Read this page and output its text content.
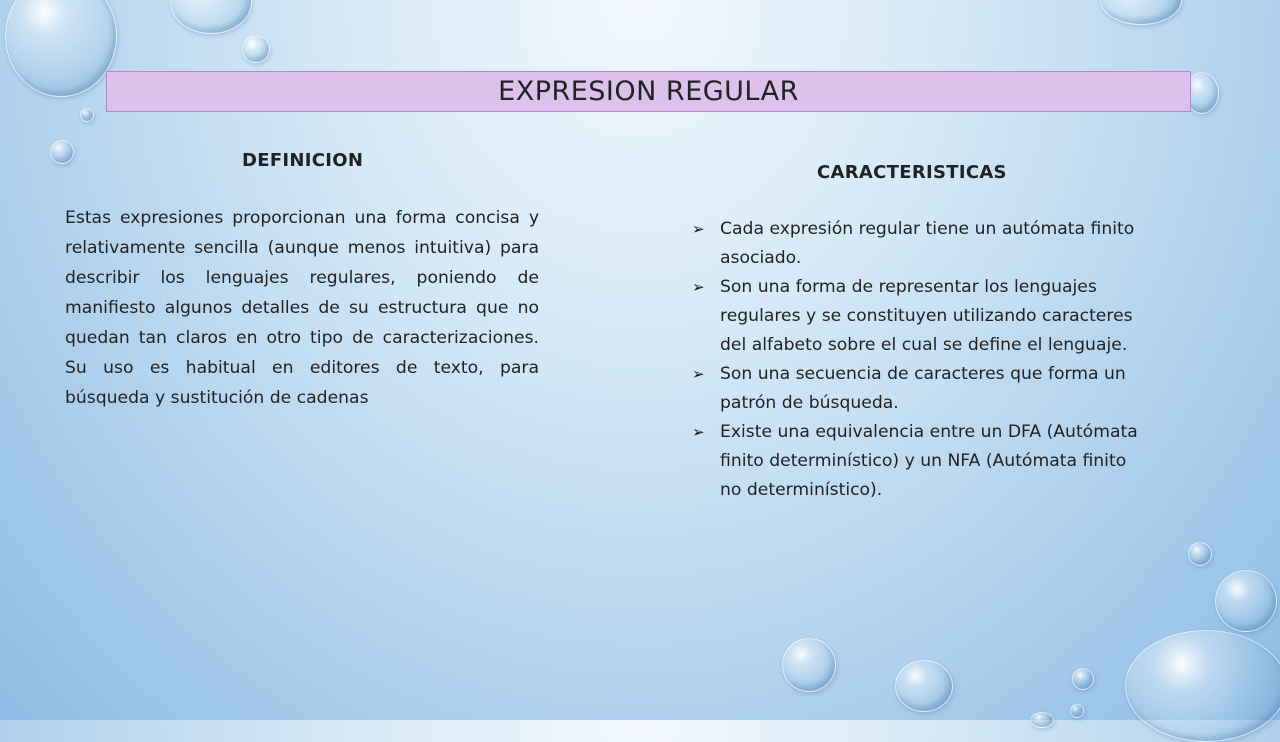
EXPRESION REGULAR
DEFINICION

Estas expresiones proporcionan una forma concisa y relativamente sencilla (aunque menos intuitiva) para describir los lenguajes regulares, poniendo de manifiesto algunos detalles de su estructura que no quedan tan claros en otro tipo de caracterizaciones. Su uso es habitual en editores de texto, para búsqueda y sustitución de cadenas

CARACTERISTICAS
➢ Cada expresión regular tiene un autómata finito asociado.
➢ Son una forma de representar los lenguajes regulares y se constituyen utilizando caracteres del alfabeto sobre el cual se define el lenguaje.
➢ Son una secuencia de caracteres que forma un patrón de búsqueda.
➢ Existe una equivalencia entre un DFA (Autómata finito determinístico) y un NFA (Autómata finito no determinístico).
